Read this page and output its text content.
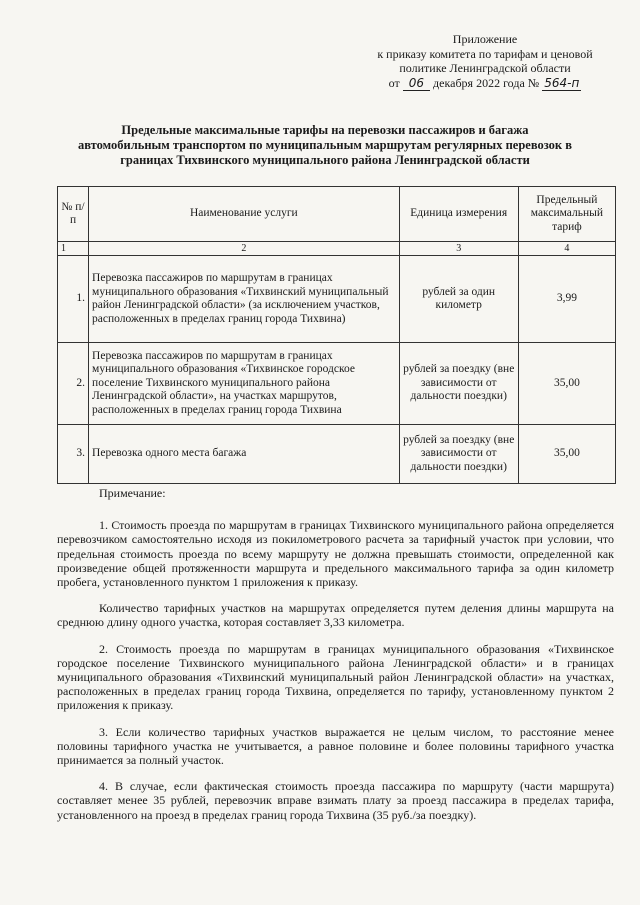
Приложение
к приказу комитета по тарифам и ценовой
политике Ленинградской области
от 06 декабря 2022 года № 564-п
Предельные максимальные тарифы на перевозки пассажиров и багажа
автомобильным транспортом по муниципальным маршрутам регулярных перевозок в
границах Тихвинского муниципального района Ленинградской области
№ п/п	Наименование услуги	Единица измерения	Предельный максимальный тариф
1	2	3	4
1.	Перевозка пассажиров по маршрутам в границах муниципального образования «Тихвинский муниципальный район Ленинградской области» (за исключением участков, расположенных в пределах границ города Тихвина)	рублей за один километр	3,99
2.	Перевозка пассажиров по маршрутам в границах муниципального образования «Тихвинское городское поселение Тихвинского муниципального района Ленинградской области», на участках маршрутов, расположенных в пределах границ города Тихвина	рублей за поездку (вне зависимости от дальности поездки)	35,00
3.	Перевозка одного места багажа	рублей за поездку (вне зависимости от дальности поездки)	35,00
Примечание:

1. Стоимость проезда по маршрутам в границах Тихвинского муниципального района определяется перевозчиком самостоятельно исходя из покилометрового расчета за тарифный участок при условии, что предельная стоимость проезда по всему маршруту не должна превышать стоимости, определенной как произведение общей протяженности маршрута и предельного максимального тарифа за один километр пробега, установленного пунктом 1 приложения к приказу.

Количество тарифных участков на маршрутах определяется путем деления длины маршрута на среднюю длину одного участка, которая составляет 3,33 километра.

2. Стоимость проезда по маршрутам в границах муниципального образования «Тихвинское городское поселение Тихвинского муниципального района Ленинградской области» и в границах муниципального образования «Тихвинский муниципальный район Ленинградской области» на участках, расположенных в пределах границ города Тихвина, определяется по тарифу, установленному пунктом 2 приложения к приказу.

3. Если количество тарифных участков выражается не целым числом, то расстояние менее половины тарифного участка не учитывается, а равное половине и более половины тарифного участка принимается за полный участок.

4. В случае, если фактическая стоимость проезда пассажира по маршруту (части маршрута) составляет менее 35 рублей, перевозчик вправе взимать плату за проезд пассажира в пределах тарифа, установленного на проезд в пределах границ города Тихвина (35 руб./за поездку).
